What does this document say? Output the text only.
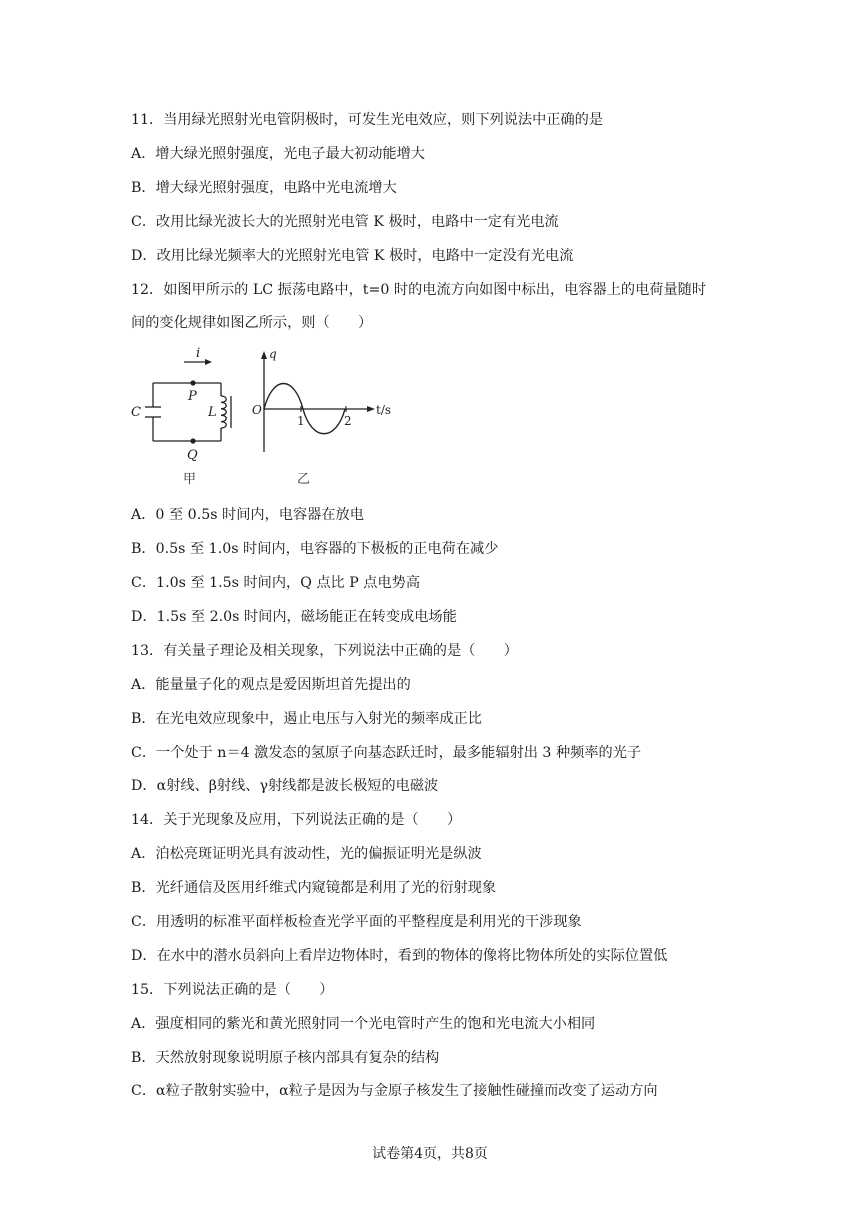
11．当用绿光照射光电管阴极时，可发生光电效应，则下列说法中正确的是
A．增大绿光照射强度，光电子最大初动能增大
B．增大绿光照射强度，电路中光电流增大
C．改用比绿光波长大的光照射光电管 K 极时，电路中一定有光电流
D．改用比绿光频率大的光照射光电管 K 极时，电路中一定没有光电流
12．如图甲所示的 LC 振荡电路中，t=0 时的电流方向如图中标出，电容器上的电荷量随时
间的变化规律如图乙所示，则（　　）
i
P
Q
C	L
甲
q
t/s
O
1	2
乙
A．0 至 0.5s 时间内，电容器在放电
B．0.5s 至 1.0s 时间内，电容器的下极板的正电荷在减少
C．1.0s 至 1.5s 时间内，Q 点比 P 点电势高
D．1.5s 至 2.0s 时间内，磁场能正在转变成电场能
13．有关量子理论及相关现象，下列说法中正确的是（　　）
A．能量量子化的观点是爱因斯坦首先提出的
B．在光电效应现象中，遏止电压与入射光的频率成正比
C．一个处于 n＝4 激发态的氢原子向基态跃迁时，最多能辐射出 3 种频率的光子
D．α射线、β射线、γ射线都是波长极短的电磁波
14．关于光现象及应用，下列说法正确的是（　　）
A．泊松亮斑证明光具有波动性，光的偏振证明光是纵波
B．光纤通信及医用纤维式内窥镜都是利用了光的衍射现象
C．用透明的标准平面样板检查光学平面的平整程度是利用光的干涉现象
D．在水中的潜水员斜向上看岸边物体时，看到的物体的像将比物体所处的实际位置低
15．下列说法正确的是（　　）
A．强度相同的紫光和黄光照射同一个光电管时产生的饱和光电流大小相同
B．天然放射现象说明原子核内部具有复杂的结构
C．α粒子散射实验中，α粒子是因为与金原子核发生了接触性碰撞而改变了运动方向
试卷第4页，共8页
